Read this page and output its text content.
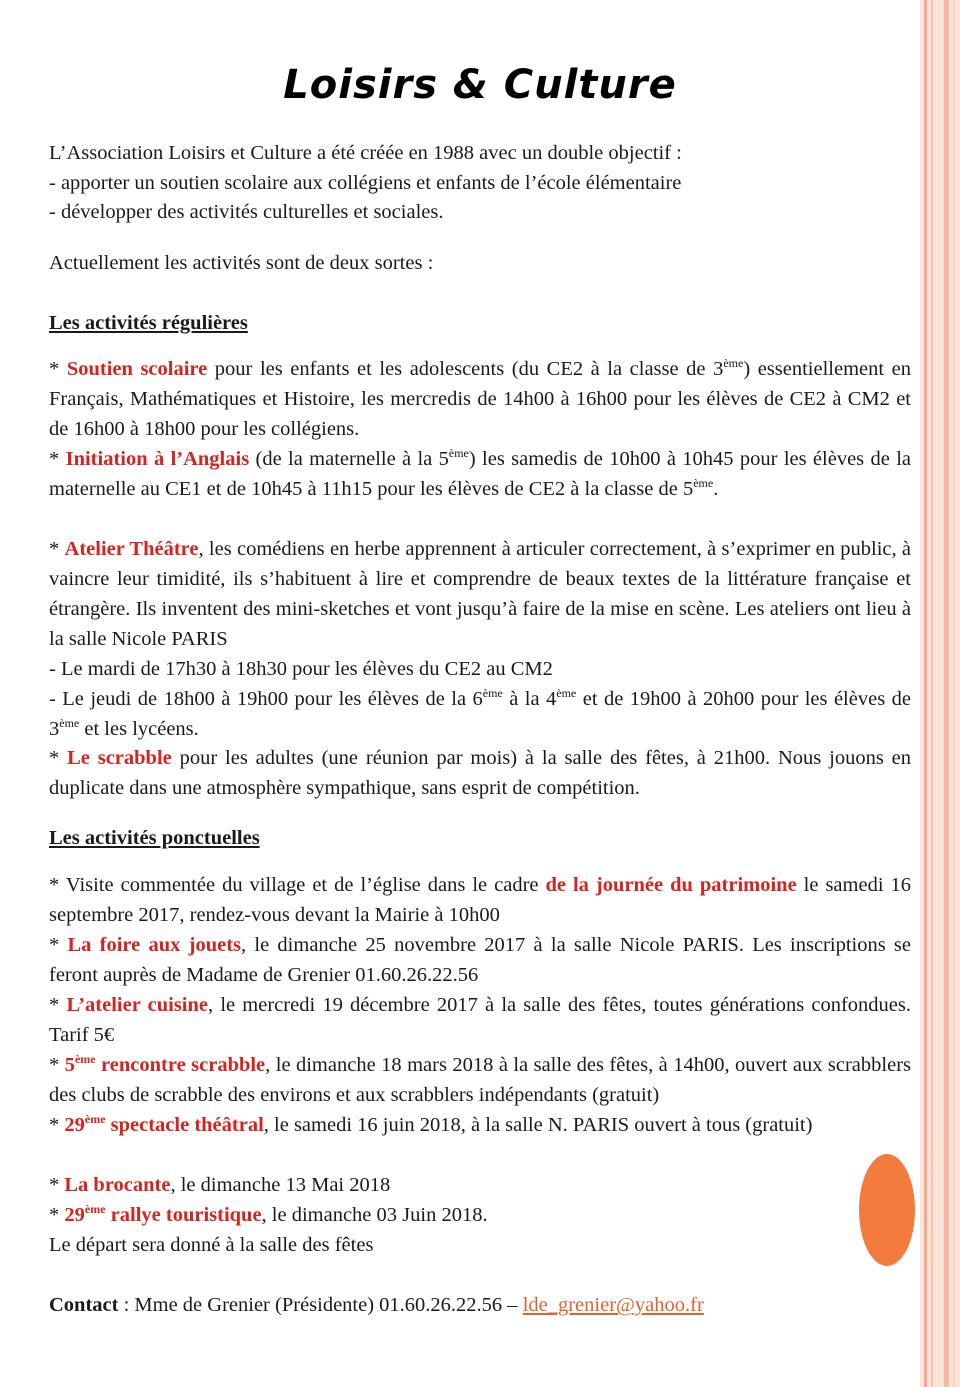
Loisirs & Culture
L’Association Loisirs et Culture a été créée en 1988 avec un double objectif :
- apporter un soutien scolaire aux collégiens et enfants de l’école élémentaire
- développer des activités culturelles et sociales.
Actuellement les activités sont de deux sortes :
Les activités régulières
* Soutien scolaire pour les enfants et les adolescents (du CE2 à la classe de 3ème) essentiellement en Français, Mathématiques et Histoire, les mercredis de 14h00 à 16h00 pour les élèves de CE2 à CM2 et de 16h00 à 18h00 pour les collégiens.
* Initiation à l’Anglais (de la maternelle à la 5ème) les samedis de 10h00 à 10h45 pour les élèves de la maternelle au CE1 et de 10h45 à 11h15 pour les élèves de CE2 à la classe de 5ème.
* Atelier Théâtre, les comédiens en herbe apprennent à articuler correctement, à s’exprimer en public, à vaincre leur timidité, ils s’habituent à lire et comprendre de beaux textes de la littérature française et étrangère. Ils inventent des mini-sketches et vont jusqu’à faire de la mise en scène. Les ateliers ont lieu à la salle Nicole PARIS
- Le mardi de 17h30 à 18h30 pour les élèves du CE2 au CM2
- Le jeudi de 18h00 à 19h00 pour les élèves de la 6ème à la 4ème et de 19h00 à 20h00 pour les élèves de 3ème et les lycéens.
* Le scrabble pour les adultes (une réunion par mois) à la salle des fêtes, à 21h00. Nous jouons en duplicate dans une atmosphère sympathique, sans esprit de compétition.
Les activités ponctuelles
* Visite commentée du village et de l’église dans le cadre de la journée du patrimoine le samedi 16 septembre 2017, rendez-vous devant la Mairie à 10h00
* La foire aux jouets, le dimanche 25 novembre 2017 à la salle Nicole PARIS. Les inscriptions se feront auprès de Madame de Grenier 01.60.26.22.56
* L’atelier cuisine, le mercredi 19 décembre 2017 à la salle des fêtes, toutes générations confondues. Tarif 5€
* 5ème rencontre scrabble, le dimanche 18 mars 2018 à la salle des fêtes, à 14h00, ouvert aux scrabblers des clubs de scrabble des environs et aux scrabblers indépendants (gratuit)
* 29ème spectacle théâtral, le samedi 16 juin 2018, à la salle N. PARIS ouvert à tous (gratuit)
* La brocante, le dimanche 13 Mai 2018
* 29ème rallye touristique, le dimanche 03 Juin 2018.
Le départ sera donné à la salle des fêtes
Contact : Mme de Grenier (Présidente) 01.60.26.22.56 – lde_grenier@yahoo.fr
